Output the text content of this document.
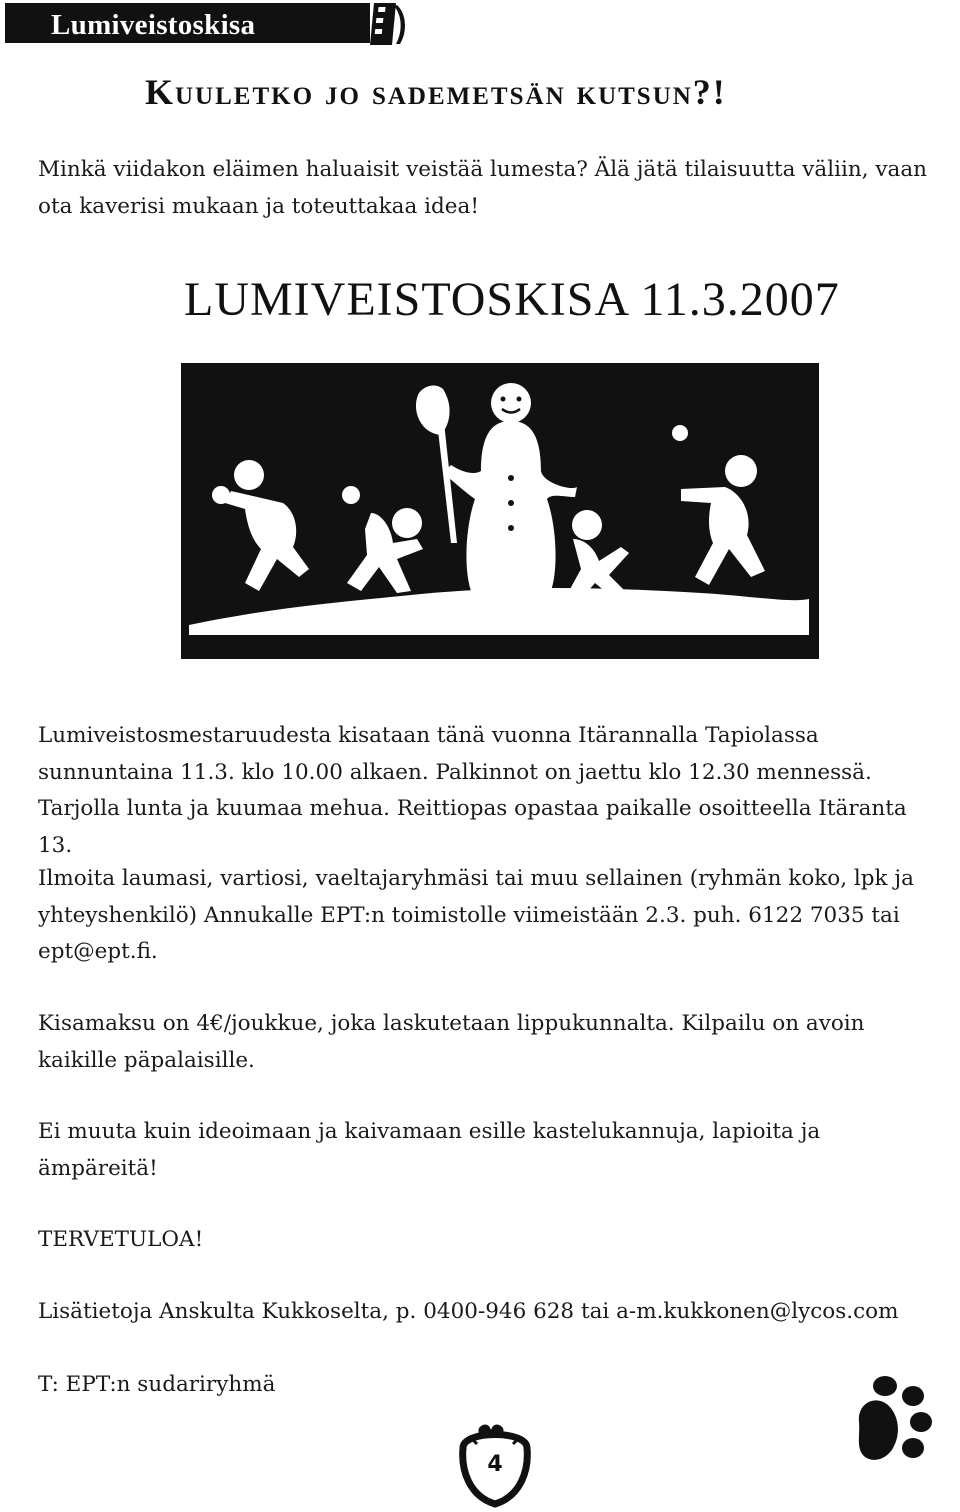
Lumiveistoskisa
Kuuletko jo sademetsän kutsun?!

Minkä viidakon eläimen haluaisit veistää lumesta? Älä jätä tilaisuutta väliin, vaan ota kaverisi mukaan ja toteuttakaa idea!

LUMIVEISTOSKISA 11.3.2007

Lumiveistosmestaruudesta kisataan tänä vuonna Itärannalla Tapiolassa sunnuntaina 11.3. klo 10.00 alkaen. Palkinnot on jaettu klo 12.30 mennessä. Tarjolla lunta ja kuumaa mehua. Reittiopas opastaa paikalle osoitteella Itäranta 13.

Ilmoita laumasi, vartiosi, vaeltajaryhmäsi tai muu sellainen (ryhmän koko, lpk ja yhteyshenkilö) Annukalle EPT:n toimistolle viimeistään 2.3. puh. 6122 7035 tai ept@ept.fi.

Kisamaksu on 4€/joukkue, joka laskutetaan lippukunnalta. Kilpailu on avoin kaikille päpalaisille.

Ei muuta kuin ideoimaan ja kaivamaan esille kastelukannuja, lapioita ja ämpäreitä!

TERVETULOA!

Lisätietoja Anskulta Kukkoselta, p. 0400-946 628 tai a-m.kukkonen@lycos.com

T: EPT:n sudariryhmä

4
